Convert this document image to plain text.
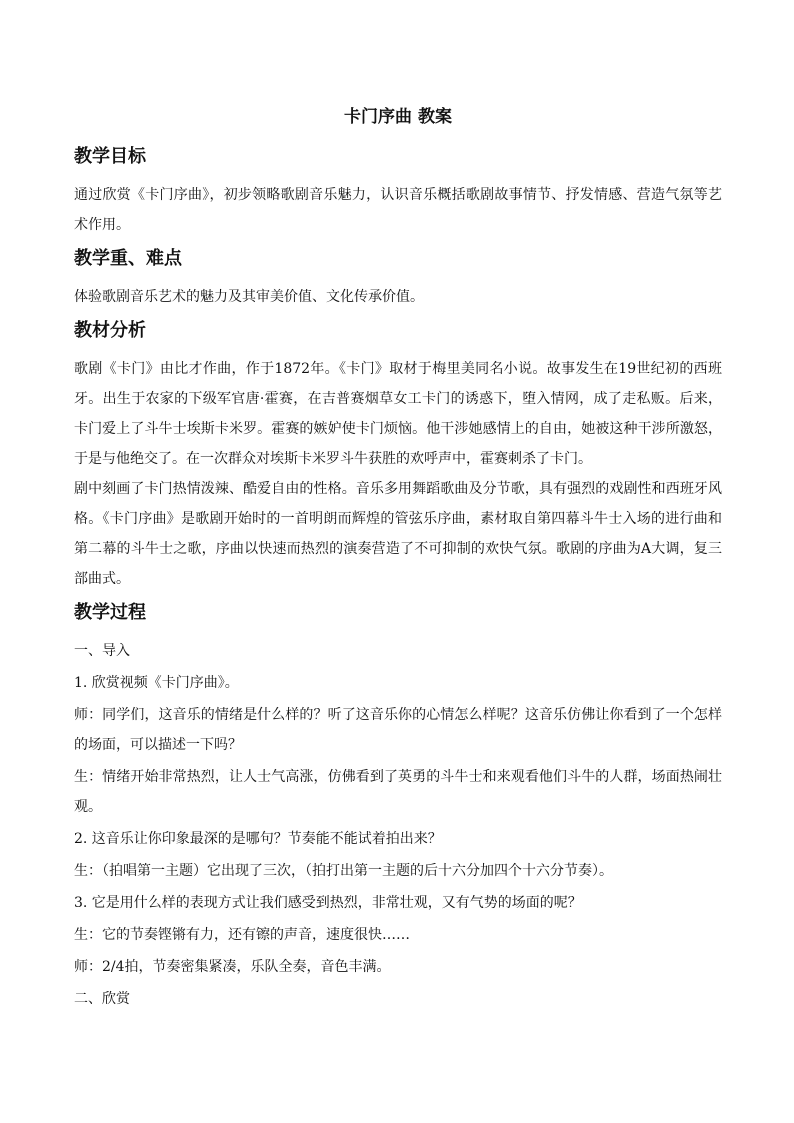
卡门序曲 教案
教学目标

通过欣赏《卡门序曲》，初步领略歌剧音乐魅力，认识音乐概括歌剧故事情节、抒发情感、营造气氛等艺术作用。

教学重、难点

体验歌剧音乐艺术的魅力及其审美价值、文化传承价值。

教材分析

歌剧《卡门》由比才作曲，作于1872年。《卡门》取材于梅里美同名小说。故事发生在19世纪初的西班牙。出生于农家的下级军官唐·霍赛，在吉普赛烟草女工卡门的诱惑下，堕入情网，成了走私贩。后来，卡门爱上了斗牛士埃斯卡米罗。霍赛的嫉妒使卡门烦恼。他干涉她感情上的自由，她被这种干涉所激怒，于是与他绝交了。在一次群众对埃斯卡米罗斗牛获胜的欢呼声中，霍赛刺杀了卡门。

剧中刻画了卡门热情泼辣、酷爱自由的性格。音乐多用舞蹈歌曲及分节歌，具有强烈的戏剧性和西班牙风格。《卡门序曲》是歌剧开始时的一首明朗而辉煌的管弦乐序曲，素材取自第四幕斗牛士入场的进行曲和第二幕的斗牛士之歌，序曲以快速而热烈的演奏营造了不可抑制的欢快气氛。歌剧的序曲为A大调，复三部曲式。

教学过程

一、导入

1. 欣赏视频《卡门序曲》。

师：同学们，这音乐的情绪是什么样的？听了这音乐你的心情怎么样呢？这音乐仿佛让你看到了一个怎样的场面，可以描述一下吗？

生：情绪开始非常热烈，让人士气高涨，仿佛看到了英勇的斗牛士和来观看他们斗牛的人群，场面热闹壮观。

2. 这音乐让你印象最深的是哪句？节奏能不能试着拍出来？

生：（拍唱第一主题）它出现了三次，（拍打出第一主题的后十六分加四个十六分节奏）。

3. 它是用什么样的表现方式让我们感受到热烈，非常壮观，又有气势的场面的呢？

生：它的节奏铿锵有力，还有镲的声音，速度很快……

师：2/4拍，节奏密集紧凑，乐队全奏，音色丰满。

二、欣赏
